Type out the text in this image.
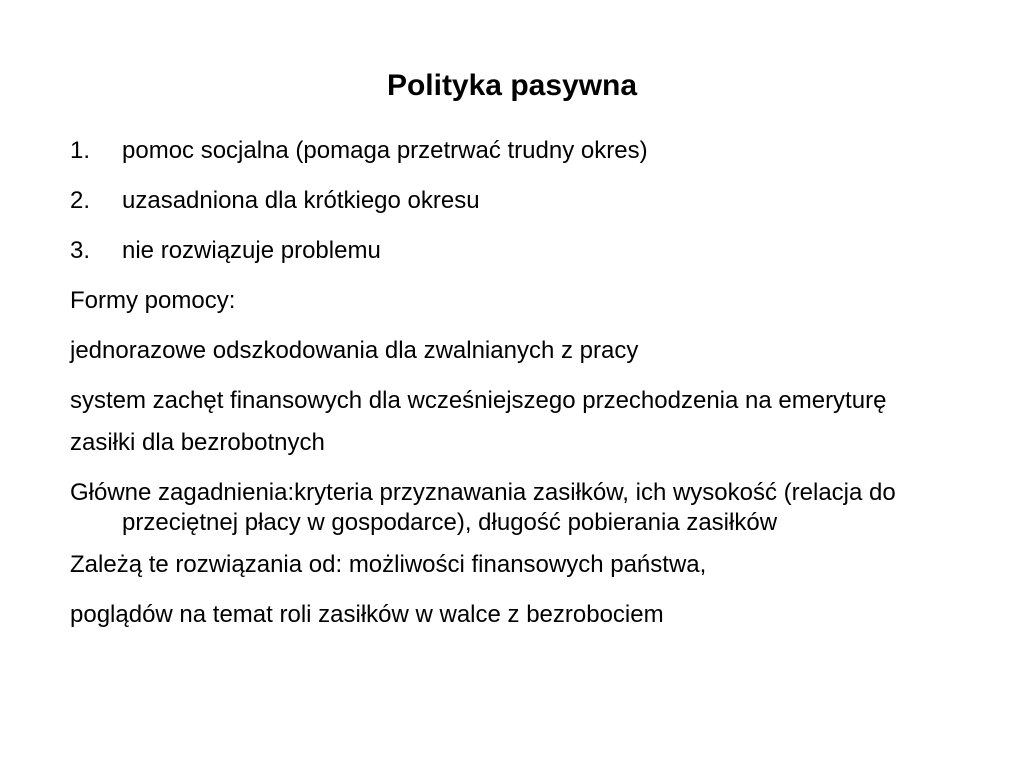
Polityka pasywna
1.	pomoc socjalna (pomaga przetrwać trudny okres)
2.	uzasadniona dla krótkiego okresu
3.	nie rozwiązuje problemu
Formy pomocy:
jednorazowe odszkodowania dla zwalnianych z pracy
system zachęt finansowych dla wcześniejszego przechodzenia na emeryturę
zasiłki dla bezrobotnych
Główne zagadnienia:kryteria przyznawania zasiłków, ich wysokość (relacja do przeciętnej płacy w gospodarce), długość pobierania zasiłków
Zależą te rozwiązania od: możliwości finansowych państwa,
poglądów na temat roli zasiłków w walce z bezrobociem
